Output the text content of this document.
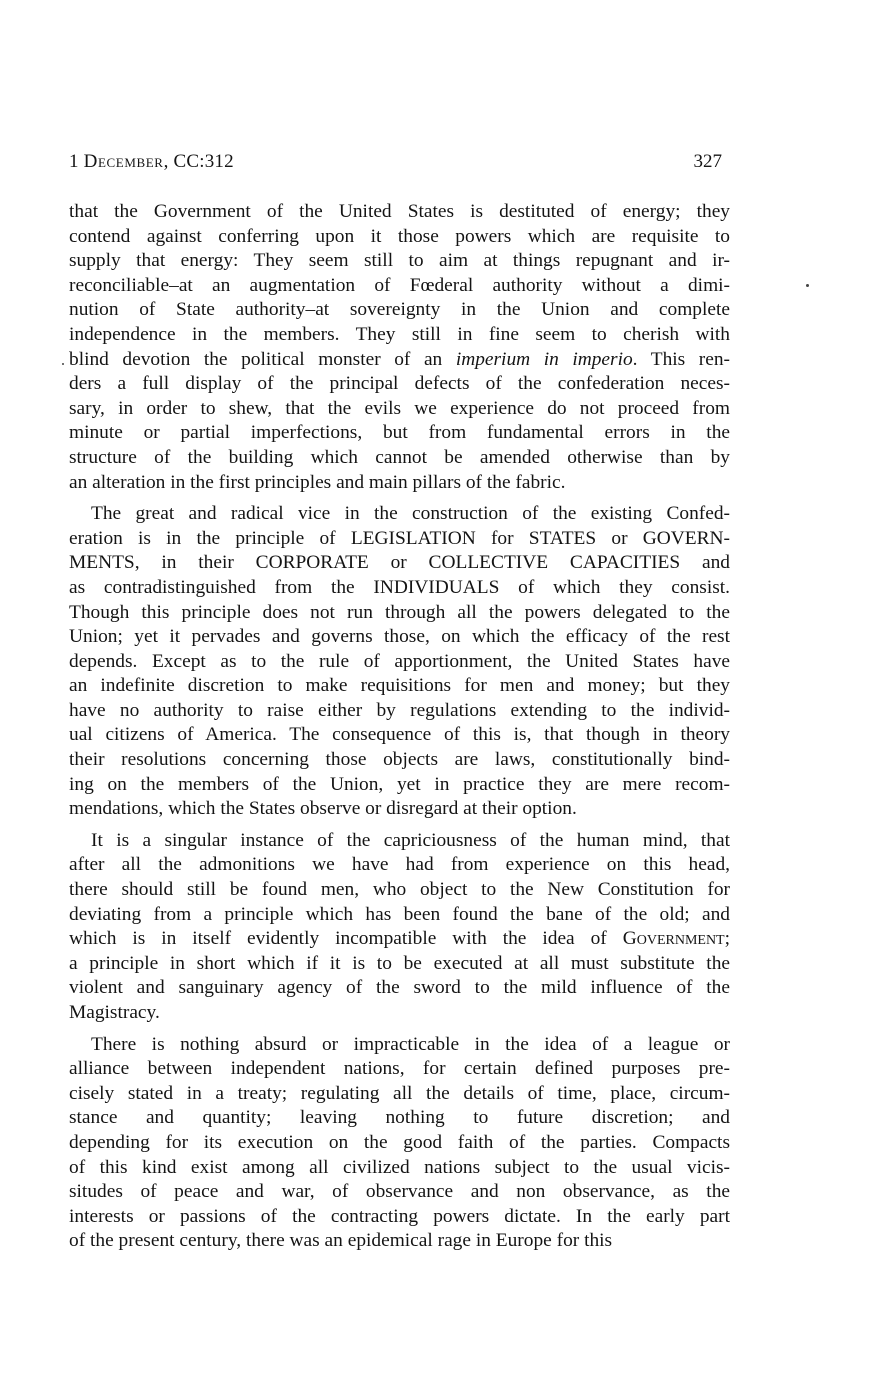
1 December, CC:312	327
that the Government of the United States is destituted of energy; they
contend against conferring upon it those powers which are requisite to
supply that energy: They seem still to aim at things repugnant and ir-
reconciliable–at an augmentation of Fœderal authority without a dimi-
nution of State authority–at sovereignty in the Union and complete
independence in the members. They still in fine seem to cherish with
blind devotion the political monster of an imperium in imperio. This ren-
ders a full display of the principal defects of the confederation neces-
sary, in order to shew, that the evils we experience do not proceed from
minute or partial imperfections, but from fundamental errors in the
structure of the building which cannot be amended otherwise than by
an alteration in the first principles and main pillars of the fabric.
The great and radical vice in the construction of the existing Confed-
eration is in the principle of LEGISLATION for STATES or GOVERN-
MENTS, in their CORPORATE or COLLECTIVE CAPACITIES and
as contradistinguished from the INDIVIDUALS of which they consist.
Though this principle does not run through all the powers delegated to the
Union; yet it pervades and governs those, on which the efficacy of the rest
depends. Except as to the rule of apportionment, the United States have
an indefinite discretion to make requisitions for men and money; but they
have no authority to raise either by regulations extending to the individ-
ual citizens of America. The consequence of this is, that though in theory
their resolutions concerning those objects are laws, constitutionally bind-
ing on the members of the Union, yet in practice they are mere recom-
mendations, which the States observe or disregard at their option.
It is a singular instance of the capriciousness of the human mind, that
after all the admonitions we have had from experience on this head,
there should still be found men, who object to the New Constitution for
deviating from a principle which has been found the bane of the old; and
which is in itself evidently incompatible with the idea of Government;
a principle in short which if it is to be executed at all must substitute the
violent and sanguinary agency of the sword to the mild influence of the
Magistracy.
There is nothing absurd or impracticable in the idea of a league or
alliance between independent nations, for certain defined purposes pre-
cisely stated in a treaty; regulating all the details of time, place, circum-
stance and quantity; leaving nothing to future discretion; and
depending for its execution on the good faith of the parties. Compacts
of this kind exist among all civilized nations subject to the usual vicis-
situdes of peace and war, of observance and non observance, as the
interests or passions of the contracting powers dictate. In the early part
of the present century, there was an epidemical rage in Europe for this
